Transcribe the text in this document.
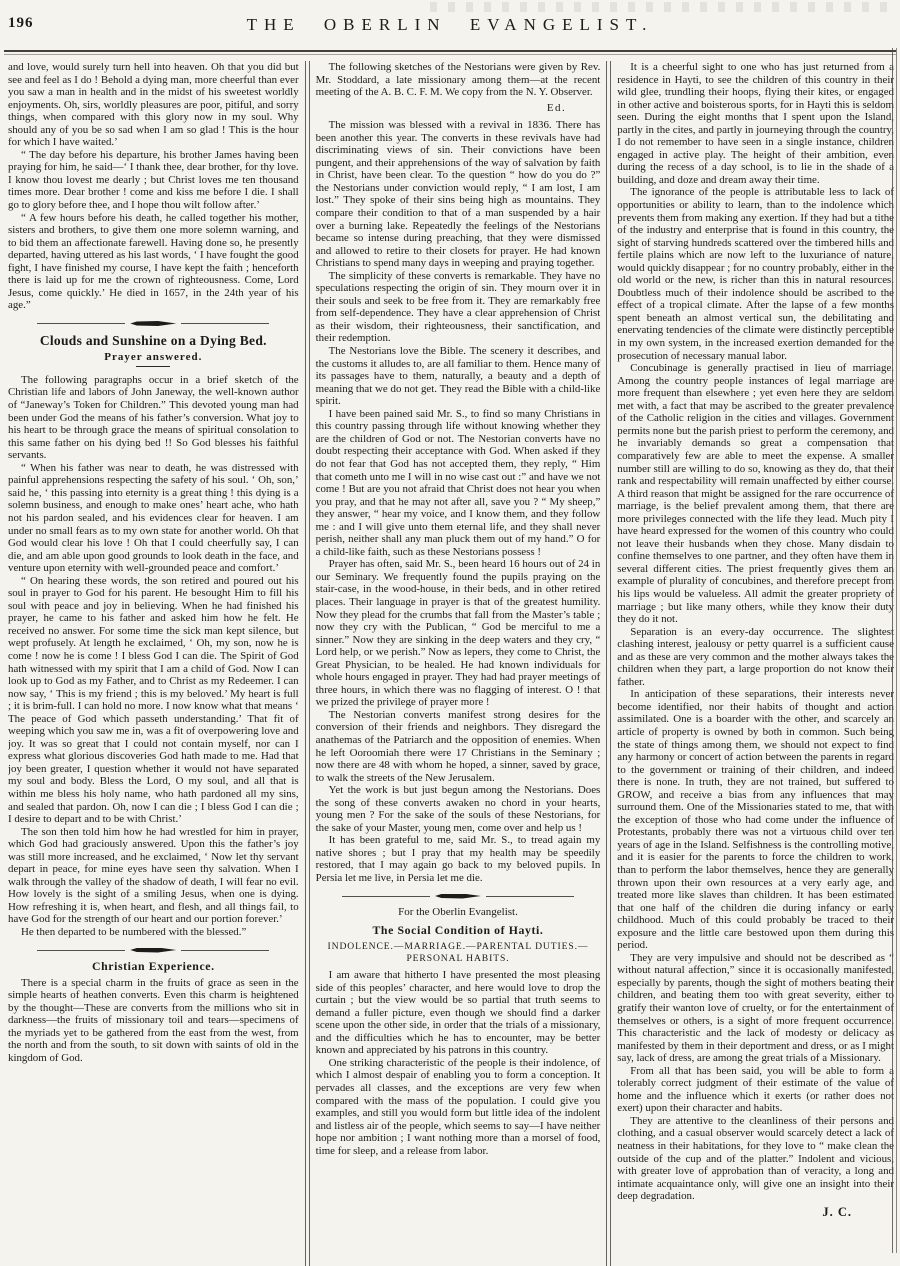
196	THE OBERLIN EVANGELIST.

and love, would surely turn hell into heaven. Oh that you did but see and feel as I do ! Behold a dying man, more cheerful than ever you saw a man in health and in the midst of his sweetest worldly enjoyments. Oh, sirs, worldly pleasures are poor, pitiful, and sorry things, when compared with this glory now in my soul. Why should any of you be so sad when I am so glad ! This is the hour for which I have waited.’

“ The day before his departure, his brother James having been praying for him, he said—‘ I thank thee, dear brother, for thy love. I know thou lovest me dearly ; but Christ loves me ten thousand times more. Dear brother ! come and kiss me before I die. I shall go to glory before thee, and I hope thou wilt follow after.’

“ A few hours before his death, he called together his mother, sisters and brothers, to give them one more solemn warning, and to bid them an affectionate farewell. Having done so, he presently departed, having uttered as his last words, ‘ I have fought the good fight, I have finished my course, I have kept the faith ; henceforth there is laid up for me the crown of righteousness. Come, Lord Jesus, come quickly.’ He died in 1657, in the 24th year of his age.”

Clouds and Sunshine on a Dying Bed.

Prayer answered.

The following paragraphs occur in a brief sketch of the Christian life and labors of John Janeway, the well-known author of “Janeway’s Token for Children.” This devoted young man had been under God the means of his father’s conversion. What joy to his heart to be through grace the means of spiritual consolation to this same father on his dying bed !! So God blesses his faithful servants.

“ When his father was near to death, he was distressed with painful apprehensions respecting the safety of his soul. ‘ Oh, son,’ said he, ‘ this passing into eternity is a great thing ! this dying is a solemn business, and enough to make ones’ heart ache, who hath not his pardon sealed, and his evidences clear for heaven. I am under no small fears as to my own state for another world. Oh that God would clear his love ! Oh that I could cheerfully say, I can die, and am able upon good grounds to look death in the face, and venture upon eternity with well-grounded peace and comfort.’

“ On hearing these words, the son retired and poured out his soul in prayer to God for his parent. He besought Him to fill his soul with peace and joy in believing. When he had finished his prayer, he came to his father and asked him how he felt. He received no answer. For some time the sick man kept silence, but wept profusely. At length he exclaimed, ‘ Oh, my son, now he is come ! now he is come ! I bless God I can die. The Spirit of God hath witnessed with my spirit that I am a child of God. Now I can look up to God as my Father, and to Christ as my Redeemer. I can now say, ‘ This is my friend ; this is my beloved.’ My heart is full ; it is brim-full. I can hold no more. I now know what that means ‘ The peace of God which passeth understanding.’ That fit of weeping which you saw me in, was a fit of overpowering love and joy. It was so great that I could not contain myself, nor can I express what glorious discoveries God hath made to me. Had that joy been greater, I question whether it would not have separated my soul and body. Bless the Lord, O my soul, and all that is within me bless his holy name, who hath pardoned all my sins, and sealed that pardon. Oh, now I can die ; I bless God I can die ; I desire to depart and to be with Christ.’

The son then told him how he had wrestled for him in prayer, which God had graciously answered. Upon this the father’s joy was still more increased, and he exclaimed, ‘ Now let thy servant depart in peace, for mine eyes have seen thy salvation. When I walk through the valley of the shadow of death, I will fear no evil. How lovely is the sight of a smiling Jesus, when one is dying. How refreshing it is, when heart, and flesh, and all things fail, to have God for the strength of our heart and our portion forever.’

He then departed to be numbered with the blessed.”

Christian Experience.

There is a special charm in the fruits of grace as seen in the simple hearts of heathen converts. Even this charm is heightened by the thought—These are converts from the millions who sit in darkness—the fruits of missionary toil and tears—specimens of the myriads yet to be gathered from the east from the west, from the north and from the south, to sit down with saints of old in the kingdom of God.

The following sketches of the Nestorians were given by Rev. Mr. Stoddard, a late missionary among them—at the recent meeting of the A. B. C. F. M. We copy from the N. Y. Observer.

Ed.

The mission was blessed with a revival in 1836. There has been another this year. The converts in these revivals have had discriminating views of sin. Their convictions have been pungent, and their apprehensions of the way of salvation by faith in Christ, have been clear. To the question “ how do you do ?” the Nestorians under conviction would reply, “ I am lost, I am lost.” They spoke of their sins being high as mountains. They compare their condition to that of a man suspended by a hair over a burning lake. Repeatedly the feelings of the Nestorians became so intense during preaching, that they were dismissed and allowed to retire to their closets for prayer. He had known Christians to spend many days in weeping and praying together.

The simplicity of these converts is remarkable. They have no speculations respecting the origin of sin. They mourn over it in their souls and seek to be free from it. They are remarkably free from self-dependence. They have a clear apprehension of Christ as their wisdom, their righteousness, their sanctification, and their redemption.

The Nestorians love the Bible. The scenery it describes, and the customs it alludes to, are all familiar to them. Hence many of its passages have to them, naturally, a beauty and a depth of meaning that we do not get. They read the Bible with a child-like spirit.

I have been pained said Mr. S., to find so many Christians in this country passing through life without knowing whether they are the children of God or not. The Nestorian converts have no doubt respecting their acceptance with God. When asked if they do not fear that God has not accepted them, they reply, “ Him that cometh unto me I will in no wise cast out :” and have we not come ! But are you not afraid that Christ does not hear you when you pray, and that he may not after all, save you ? “ My sheep,” they answer, “ hear my voice, and I know them, and they follow me : and I will give unto them eternal life, and they shall never perish, neither shall any man pluck them out of my hand.” O for a child-like faith, such as these Nestorians possess !

Prayer has often, said Mr. S., been heard 16 hours out of 24 in our Seminary. We frequently found the pupils praying on the stair-case, in the wood-house, in their beds, and in other retired places. Their language in prayer is that of the greatest humility. Now they plead for the crumbs that fall from the Master’s table ; now they cry with the Publican, “ God be merciful to me a sinner.” Now they are sinking in the deep waters and they cry, “ Lord help, or we perish.” Now as lepers, they come to Christ, the Great Physician, to be healed. He had known individuals for whole hours engaged in prayer. They had had prayer meetings of three hours, in which there was no flagging of interest. O ! that we prized the privilege of prayer more !

The Nestorian converts manifest strong desires for the conversion of their friends and neighbors. They disregard the anathemas of the Patriarch and the opposition of enemies. When he left Ooroomiah there were 17 Christians in the Seminary ; now there are 48 with whom he hoped, a sinner, saved by grace, to walk the streets of the New Jerusalem.

Yet the work is but just begun among the Nestorians. Does the song of these converts awaken no chord in your hearts, young men ? For the sake of the souls of these Nestorians, for the sake of your Master, young men, come over and help us !

It has been grateful to me, said Mr. S., to tread again my native shores ; but I pray that my health may be speedily restored, that I may again go back to my beloved pupils. In Persia let me live, in Persia let me die.

For the Oberlin Evangelist.

The Social Condition of Hayti.

INDOLENCE.—MARRIAGE.—PARENTAL DUTIES.—PERSONAL HABITS.

I am aware that hitherto I have presented the most pleasing side of this peoples’ character, and here would love to drop the curtain ; but the view would be so partial that truth seems to demand a fuller picture, even though we should find a darker scene upon the other side, in order that the trials of a missionary, and the difficulties which he has to encounter, may be better known and appreciated by his patrons in this country.

One striking characteristic of the people is their indolence, of which I almost despair of enabling you to form a conception. It pervades all classes, and the exceptions are very few when compared with the mass of the population. I could give you examples, and still you would form but little idea of the indolent and listless air of the people, which seems to say—I have neither hope nor ambition ; I want nothing more than a morsel of food, time for sleep, and a release from labor.

It is a cheerful sight to one who has just returned from a residence in Hayti, to see the children of this country in their wild glee, trundling their hoops, flying their kites, or engaged in other active and boisterous sports, for in Hayti this is seldom seen. During the eight months that I spent upon the Island, partly in the cites, and partly in journeying through the country, I do not remember to have seen in a single instance, children engaged in active play. The height of their ambition, even during the recess of a day school, is to lie in the shade of a building, and doze and dream away their time.

The ignorance of the people is attributable less to lack of opportunities or ability to learn, than to the indolence which prevents them from making any exertion. If they had but a tithe of the industry and enterprise that is found in this country, the sight of starving hundreds scattered over the timbered hills and fertile plains which are now left to the luxuriance of nature, would quickly disappear ; for no country probably, either in the old world or the new, is richer than this in natural resources. Doubtless much of their indolence should be ascribed to the effect of a tropical climate. After the lapse of a few months spent beneath an almost vertical sun, the debilitating and enervating tendencies of the climate were distinctly perceptible in my own system, in the increased exertion demanded for the prosecution of necessary manual labor.

Concubinage is generally practised in lieu of marriage. Among the country people instances of legal marriage are more frequent than elsewhere ; yet even here they are seldom met with, a fact that may be ascribed to the greater prevalence of the Catholic religion in the cities and villages. Government permits none but the parish priest to perform the ceremony, and he invariably demands so great a compensation that comparatively few are able to meet the expense. A smaller number still are willing to do so, knowing as they do, that their rank and respectability will remain unaffected by either course. A third reason that might be assigned for the rare occurrence of marriage, is the belief prevalent among them, that there are more privileges connected with the life they lead. Much pity I have heard expressed for the women of this country who could not leave their husbands when they chose. Many disdain to confine themselves to one partner, and they often have them in several different cities. The priest frequently gives them an example of plurality of concubines, and therefore precept from his lips would be valueless. All admit the greater propriety of marriage ; but like many others, while they know their duty they do it not.

Separation is an every-day occurrence. The slightest clashing interest, jealousy or petty quarrel is a sufficient cause and as these are very common and the mother always takes the children when they part, a large proportion do not know their father.

In anticipation of these separations, their interests never become identified, nor their habits of thought and action assimilated. One is a boarder with the other, and scarcely an article of property is owned by both in common. Such being the state of things among them, we should not expect to find any harmony or concert of action between the parents in regard to the government or training of their children, and indeed there is none. In truth, they are not trained, but suffered to GROW, and receive a bias from any influences that may surround them. One of the Missionaries stated to me, that with the exception of those who had come under the influence of Protestants, probably there was not a virtuous child over ten years of age in the Island. Selfishness is the controlling motive, and it is easier for the parents to force the children to work, than to perform the labor themselves, hence they are generally thrown upon their own resources at a very early age, and treated more like slaves than children. It has been estimated that one half of the children die during infancy or early childhood. Much of this could probably be traced to their exposure and the little care bestowed upon them during this period.

They are very impulsive and should not be described as “ without natural affection,” since it is occasionally manifested, especially by parents, though the sight of mothers beating their children, and beating them too with great severity, either to gratify their wanton love of cruelty, or for the entertainment of themselves or others, is a sight of more frequent occurrence. This characteristic and the lack of modesty or delicacy as manifested by them in their deportment and dress, or as I might say, lack of dress, are among the great trials of a Missionary.

From all that has been said, you will be able to form a tolerably correct judgment of their estimate of the value of home and the influence which it exerts (or rather does not exert) upon their character and habits.

They are attentive to the cleanliness of their persons and clothing, and a casual observer would scarcely detect a lack of neatness in their habitations, for they love to “ make clean the outside of the cup and of the platter.” Indolent and vicious, with greater love of approbation than of veracity, a long and intimate acquaintance only, will give one an insight into their deep degradation.

J. C.
